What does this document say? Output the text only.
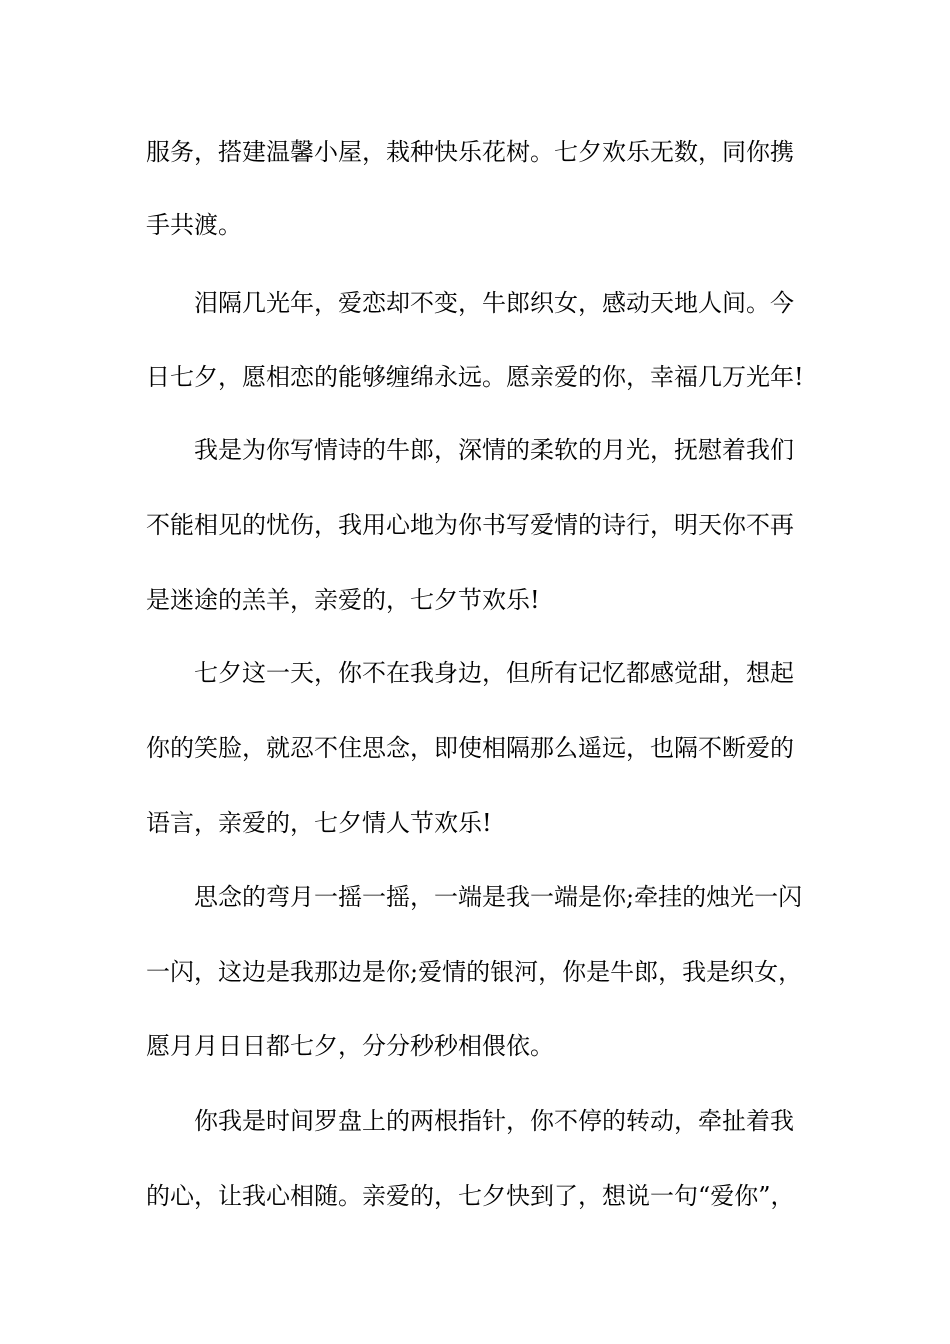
服务，搭建温馨小屋，栽种快乐花树。七夕欢乐无数，同你携
手共渡。
泪隔几光年，爱恋却不变，牛郎织女，感动天地人间。今
日七夕，愿相恋的能够缠绵永远。愿亲爱的你，幸福几万光年!
我是为你写情诗的牛郎，深情的柔软的月光，抚慰着我们
不能相见的忧伤，我用心地为你书写爱情的诗行，明天你不再
是迷途的羔羊，亲爱的，七夕节欢乐!
七夕这一天，你不在我身边，但所有记忆都感觉甜，想起
你的笑脸，就忍不住思念，即使相隔那么遥远，也隔不断爱的
语言，亲爱的，七夕情人节欢乐!
思念的弯月一摇一摇，一端是我一端是你;牵挂的烛光一闪
一闪，这边是我那边是你;爱情的银河，你是牛郎，我是织女，
愿月月日日都七夕，分分秒秒相偎依。
你我是时间罗盘上的两根指针，你不停的转动，牵扯着我
的心，让我心相随。亲爱的，七夕快到了，想说一句“爱你”，
